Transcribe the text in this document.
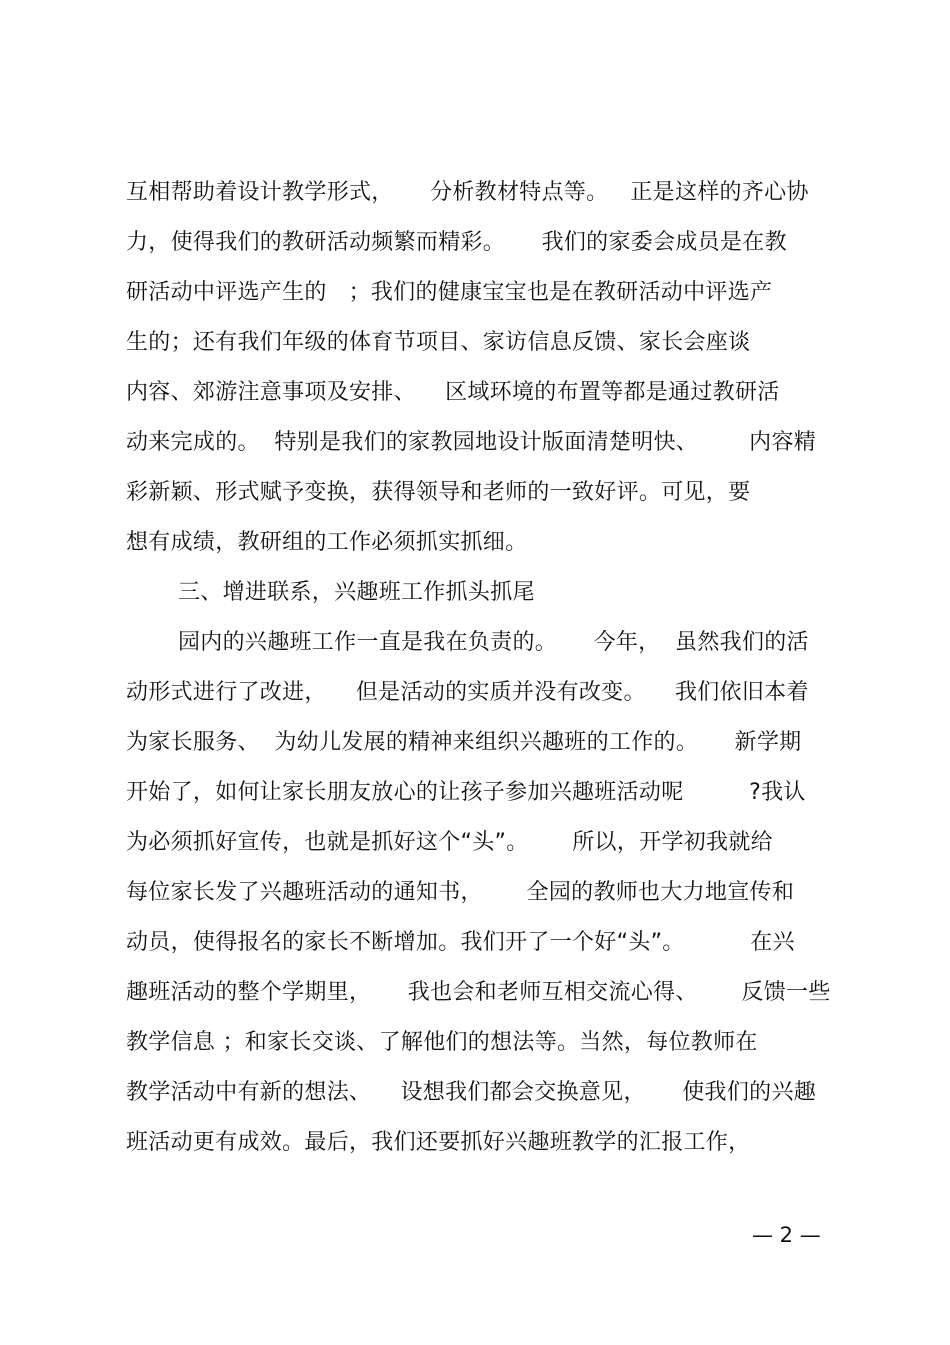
互相帮助着设计教学形式，     分析教材特点等。   正是这样的齐心协
力，使得我们的教研活动频繁而精彩。     我们的家委会成员是在教
研活动中评选产生的   ；我们的健康宝宝也是在教研活动中评选产
生的；还有我们年级的体育节项目、家访信息反馈、家长会座谈
内容、郊游注意事项及安排、    区域环境的布置等都是通过教研活
动来完成的。  特别是我们的家教园地设计版面清楚明快、       内容精
彩新颖、形式赋予变换，获得领导和老师的一致好评。可见，要
想有成绩，教研组的工作必须抓实抓细。
三、增进联系，兴趣班工作抓头抓尾
园内的兴趣班工作一直是我在负责的。     今年，  虽然我们的活
动形式进行了改进，    但是活动的实质并没有改变。    我们依旧本着
为家长服务、  为幼儿发展的精神来组织兴趣班的工作的。     新学期
开始了，如何让家长朋友放心的让孩子参加兴趣班活动呢         ?我认
为必须抓好宣传，也就是抓好这个“头”。      所以，开学初我就给
每位家长发了兴趣班活动的通知书，      全园的教师也大力地宣传和
动员，使得报名的家长不断增加。我们开了一个好“头”。         在兴
趣班活动的整个学期里，     我也会和老师互相交流心得、      反馈一些
教学信息 ；和家长交谈、了解他们的想法等。当然，每位教师在
教学活动中有新的想法、    设想我们都会交换意见，     使我们的兴趣
班活动更有成效。最后，我们还要抓好兴趣班教学的汇报工作，
— 2 —
